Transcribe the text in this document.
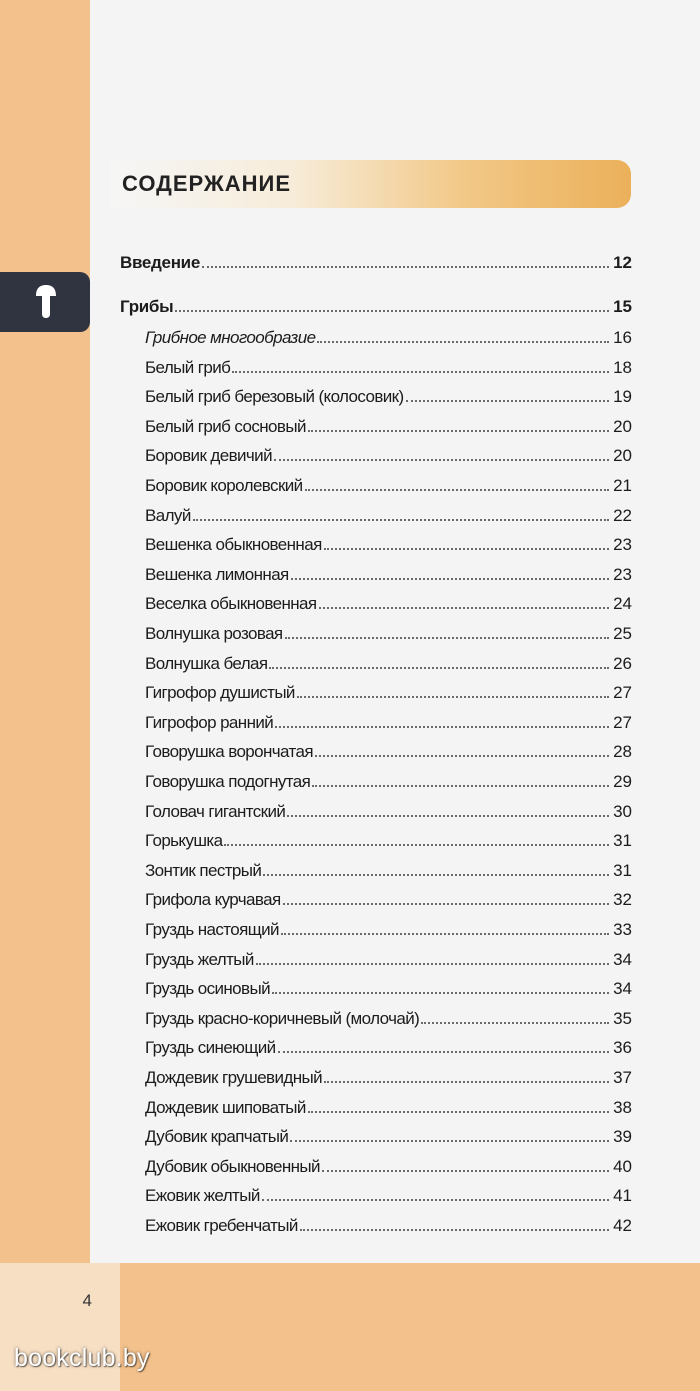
4

bookclub.by
СОДЕРЖАНИЕ
Введение	12
Грибы	15
Грибное многообразие	16
Белый гриб	18
Белый гриб березовый (колосовик)	19
Белый гриб сосновый	20
Боровик девичий	20
Боровик королевский	21
Валуй	22
Вешенка обыкновенная	23
Вешенка лимонная	23
Веселка обыкновенная	24
Волнушка розовая	25
Волнушка белая	26
Гигрофор душистый	27
Гигрофор ранний	27
Говорушка ворончатая	28
Говорушка подогнутая	29
Головач гигантский	30
Горькушка	31
Зонтик пестрый	31
Грифола курчавая	32
Груздь настоящий	33
Груздь желтый	34
Груздь осиновый	34
Груздь красно-коричневый (молочай)	35
Груздь синеющий	36
Дождевик грушевидный	37
Дождевик шиповатый	38
Дубовик крапчатый	39
Дубовик обыкновенный	40
Ежовик желтый	41
Ежовик гребенчатый	42
